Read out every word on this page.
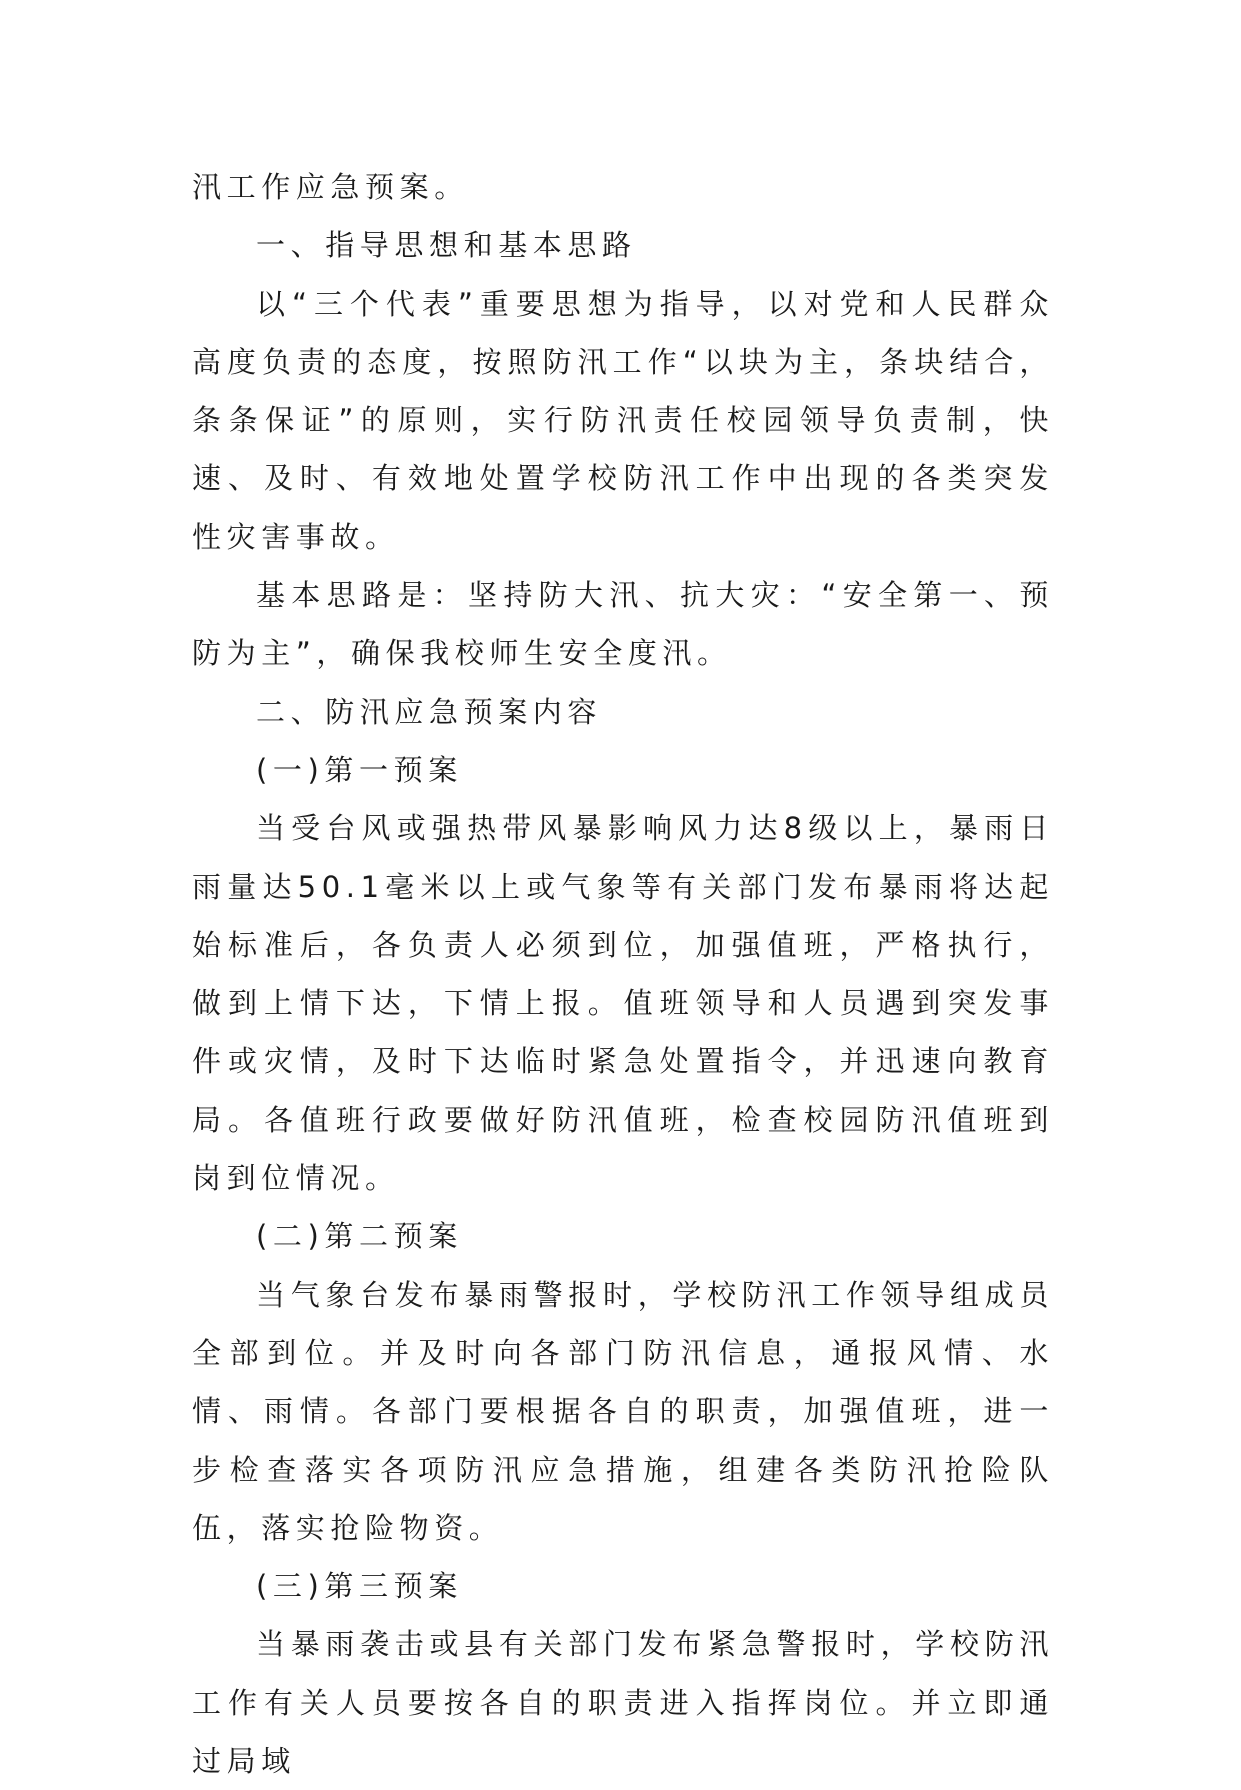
汛工作应急预案。

一、指导思想和基本思路

以“三个代表”重要思想为指导，以对党和人民群众高度负责的态度，按照防汛工作“以块为主，条块结合，条条保证”的原则，实行防汛责任校园领导负责制，快速、及时、有效地处置学校防汛工作中出现的各类突发性灾害事故。

基本思路是：坚持防大汛、抗大灾：“安全第一、预防为主”，确保我校师生安全度汛。

二、防汛应急预案内容

(一)第一预案

当受台风或强热带风暴影响风力达8级以上，暴雨日雨量达50.1毫米以上或气象等有关部门发布暴雨将达起始标准后，各负责人必须到位，加强值班，严格执行，做到上情下达，下情上报。值班领导和人员遇到突发事件或灾情，及时下达临时紧急处置指令，并迅速向教育局。各值班行政要做好防汛值班，检查校园防汛值班到岗到位情况。

(二)第二预案

当气象台发布暴雨警报时，学校防汛工作领导组成员全部到位。并及时向各部门防汛信息，通报风情、水情、雨情。各部门要根据各自的职责，加强值班，进一步检查落实各项防汛应急措施，组建各类防汛抢险队伍，落实抢险物资。

(三)第三预案

当暴雨袭击或县有关部门发布紧急警报时，学校防汛工作有关人员要按各自的职责进入指挥岗位。并立即通过局域
